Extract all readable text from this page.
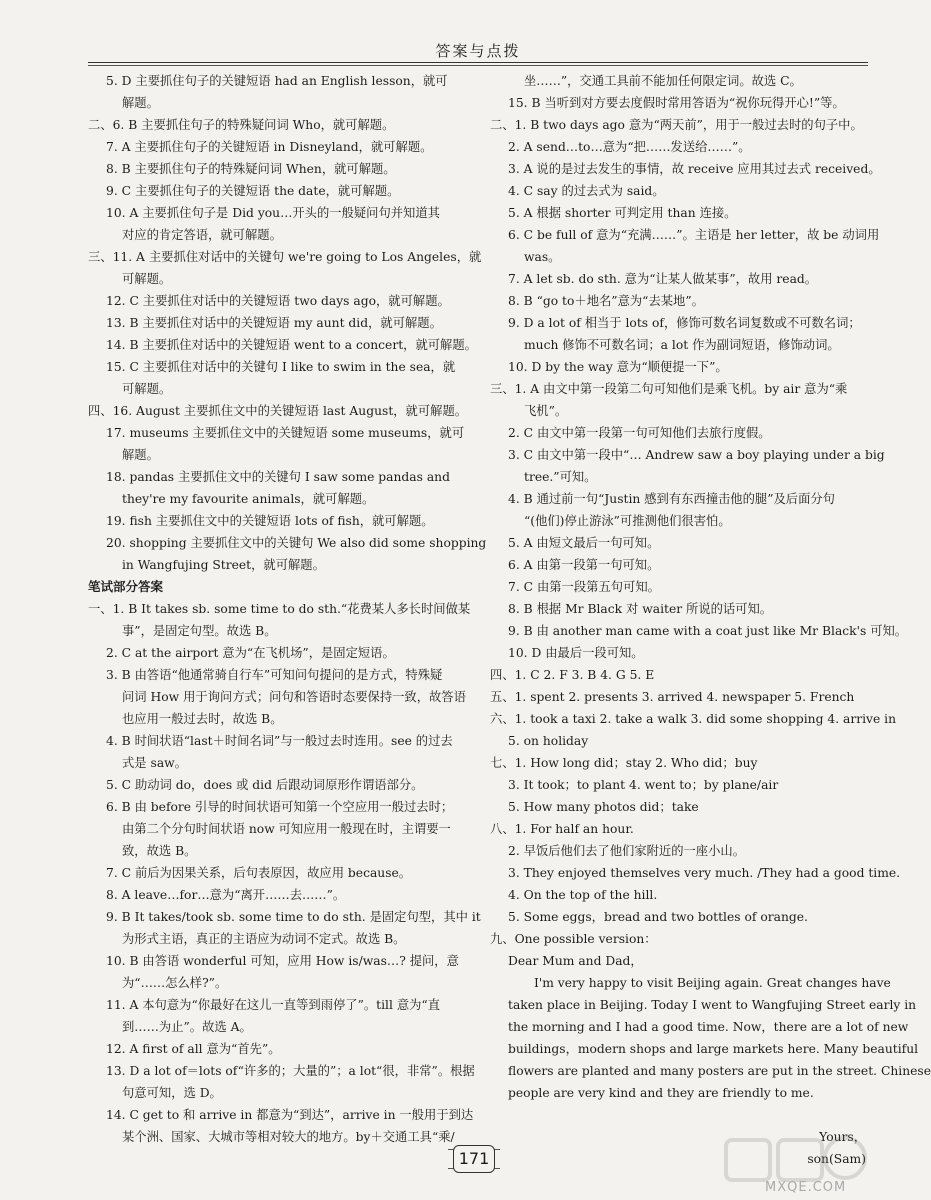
答案与点拨
5. D 主要抓住句子的关键短语 had an English lesson，就可
解题。
二、6. B 主要抓住句子的特殊疑问词 Who，就可解题。
7. A 主要抓住句子的关键短语 in Disneyland，就可解题。
8. B 主要抓住句子的特殊疑问词 When，就可解题。
9. C 主要抓住句子的关键短语 the date，就可解题。
10. A 主要抓住句子是 Did you…开头的一般疑问句并知道其
对应的肯定答语，就可解题。
三、11. A 主要抓住对话中的关键句 we're going to Los Angeles，就
可解题。
12. C 主要抓住对话中的关键短语 two days ago，就可解题。
13. B 主要抓住对话中的关键短语 my aunt did，就可解题。
14. B 主要抓住对话中的关键短语 went to a concert，就可解题。
15. C 主要抓住对话中的关键句 I like to swim in the sea，就
可解题。
四、16. August 主要抓住文中的关键短语 last August，就可解题。
17. museums 主要抓住文中的关键短语 some museums，就可
解题。
18. pandas 主要抓住文中的关键句 I saw some pandas and
they're my favourite animals，就可解题。
19. fish 主要抓住文中的关键短语 lots of fish，就可解题。
20. shopping 主要抓住文中的关键句 We also did some shopping
in Wangfujing Street，就可解题。
笔试部分答案
一、1. B It takes sb. some time to do sth.“花费某人多长时间做某
事”，是固定句型。故选 B。
2. C at the airport 意为“在飞机场”，是固定短语。
3. B 由答语“他通常骑自行车”可知问句提问的是方式，特殊疑
问词 How 用于询问方式；问句和答语时态要保持一致，故答语
也应用一般过去时，故选 B。
4. B 时间状语“last＋时间名词”与一般过去时连用。see 的过去
式是 saw。
5. C 助动词 do，does 或 did 后跟动词原形作谓语部分。
6. B 由 before 引导的时间状语可知第一个空应用一般过去时；
由第二个分句时间状语 now 可知应用一般现在时，主谓要一
致，故选 B。
7. C 前后为因果关系，后句表原因，故应用 because。
8. A leave…for…意为“离开……去……”。
9. B It takes/took sb. some time to do sth. 是固定句型，其中 it
为形式主语，真正的主语应为动词不定式。故选 B。
10. B 由答语 wonderful 可知，应用 How is/was…? 提问，意
为“……怎么样?”。
11. A 本句意为“你最好在这儿一直等到雨停了”。till 意为“直
到……为止”。故选 A。
12. A first of all 意为“首先”。
13. D a lot of＝lots of“许多的；大量的”；a lot“很，非常”。根据
句意可知，选 D。
14. C get to 和 arrive in 都意为“到达”，arrive in 一般用于到达
某个洲、国家、大城市等相对较大的地方。by＋交通工具“乘/
坐……”，交通工具前不能加任何限定词。故选 C。
15. B 当听到对方要去度假时常用答语为“祝你玩得开心!”等。
二、1. B two days ago 意为“两天前”，用于一般过去时的句子中。
2. A send…to…意为“把……发送给……”。
3. A 说的是过去发生的事情，故 receive 应用其过去式 received。
4. C say 的过去式为 said。
5. A 根据 shorter 可判定用 than 连接。
6. C be full of 意为“充满……”。主语是 her letter，故 be 动词用
was。
7. A let sb. do sth. 意为“让某人做某事”，故用 read。
8. B “go to＋地名”意为“去某地”。
9. D a lot of 相当于 lots of，修饰可数名词复数或不可数名词；
much 修饰不可数名词；a lot 作为副词短语，修饰动词。
10. D by the way 意为“顺便提一下”。
三、1. A 由文中第一段第二句可知他们是乘飞机。by air 意为“乘
飞机”。
2. C 由文中第一段第一句可知他们去旅行度假。
3. C 由文中第一段中“… Andrew saw a boy playing under a big
tree.”可知。
4. B 通过前一句“Justin 感到有东西撞击他的腿”及后面分句
“(他们)停止游泳”可推测他们很害怕。
5. A 由短文最后一句可知。
6. A 由第一段第一句可知。
7. C 由第一段第五句可知。
8. B 根据 Mr Black 对 waiter 所说的话可知。
9. B 由 another man came with a coat just like Mr Black's 可知。
10. D 由最后一段可知。
四、1. C 2. F 3. B 4. G 5. E
五、1. spent 2. presents 3. arrived 4. newspaper 5. French
六、1. took a taxi 2. take a walk 3. did some shopping 4. arrive in
5. on holiday
七、1. How long did；stay 2. Who did；buy
3. It took；to plant 4. went to；by plane/air
5. How many photos did；take
八、1. For half an hour.
2. 早饭后他们去了他们家附近的一座小山。
3. They enjoyed themselves very much. /They had a good time.
4. On the top of the hill.
5. Some eggs，bread and two bottles of orange.
九、One possible version：
Dear Mum and Dad，
I'm very happy to visit Beijing again. Great changes have
taken place in Beijing. Today I went to Wangfujing Street early in
the morning and I had a good time. Now，there are a lot of new
buildings，modern shops and large markets here. Many beautiful
flowers are planted and many posters are put in the street. Chinese
people are very kind and they are friendly to me.

Yours，
son(Sam)
171
MXQE.COM
